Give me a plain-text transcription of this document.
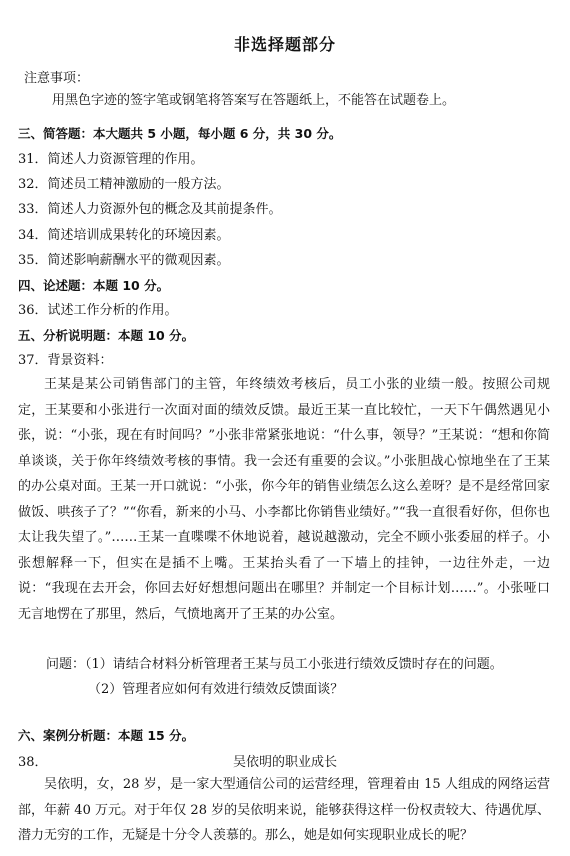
非选择题部分
注意事项：
用黑色字迹的签字笔或钢笔将答案写在答题纸上，不能答在试题卷上。
三、简答题：本大题共 5 小题，每小题 6 分，共 30 分。
31．简述人力资源管理的作用。
32．简述员工精神激励的一般方法。
33．简述人力资源外包的概念及其前提条件。
34．简述培训成果转化的环境因素。
35．简述影响薪酬水平的微观因素。
四、论述题：本题 10 分。
36．试述工作分析的作用。
五、分析说明题：本题 10 分。
37．背景资料：
王某是某公司销售部门的主管，年终绩效考核后，员工小张的业绩一般。按照公司规定，王某要和小张进行一次面对面的绩效反馈。最近王某一直比较忙，一天下午偶然遇见小张，说：“小张，现在有时间吗？”小张非常紧张地说：“什么事，领导？”王某说：“想和你简单谈谈，关于你年终绩效考核的事情。我一会还有重要的会议。”小张胆战心惊地坐在了王某的办公桌对面。王某一开口就说：“小张，你今年的销售业绩怎么这么差呀？是不是经常回家做饭、哄孩子了？”“你看，新来的小马、小李都比你销售业绩好。”“我一直很看好你，但你也太让我失望了。”……王某一直喋喋不休地说着，越说越激动，完全不顾小张委屈的样子。小张想解释一下，但实在是插不上嘴。王某抬头看了一下墙上的挂钟，一边往外走，一边说：“我现在去开会，你回去好好想想问题出在哪里？并制定一个目标计划……”。小张哑口无言地愣在了那里，然后，气愤地离开了王某的办公室。
问题：（1）请结合材料分析管理者王某与员工小张进行绩效反馈时存在的问题。
（2）管理者应如何有效进行绩效反馈面谈？
六、案例分析题：本题 15 分。
38．	吴依明的职业成长
吴依明，女，28 岁，是一家大型通信公司的运营经理，管理着由 15 人组成的网络运营部，年薪 40 万元。对于年仅 28 岁的吴依明来说，能够获得这样一份权责较大、待遇优厚、潜力无穷的工作，无疑是十分令人羡慕的。那么，她是如何实现职业成长的呢？
